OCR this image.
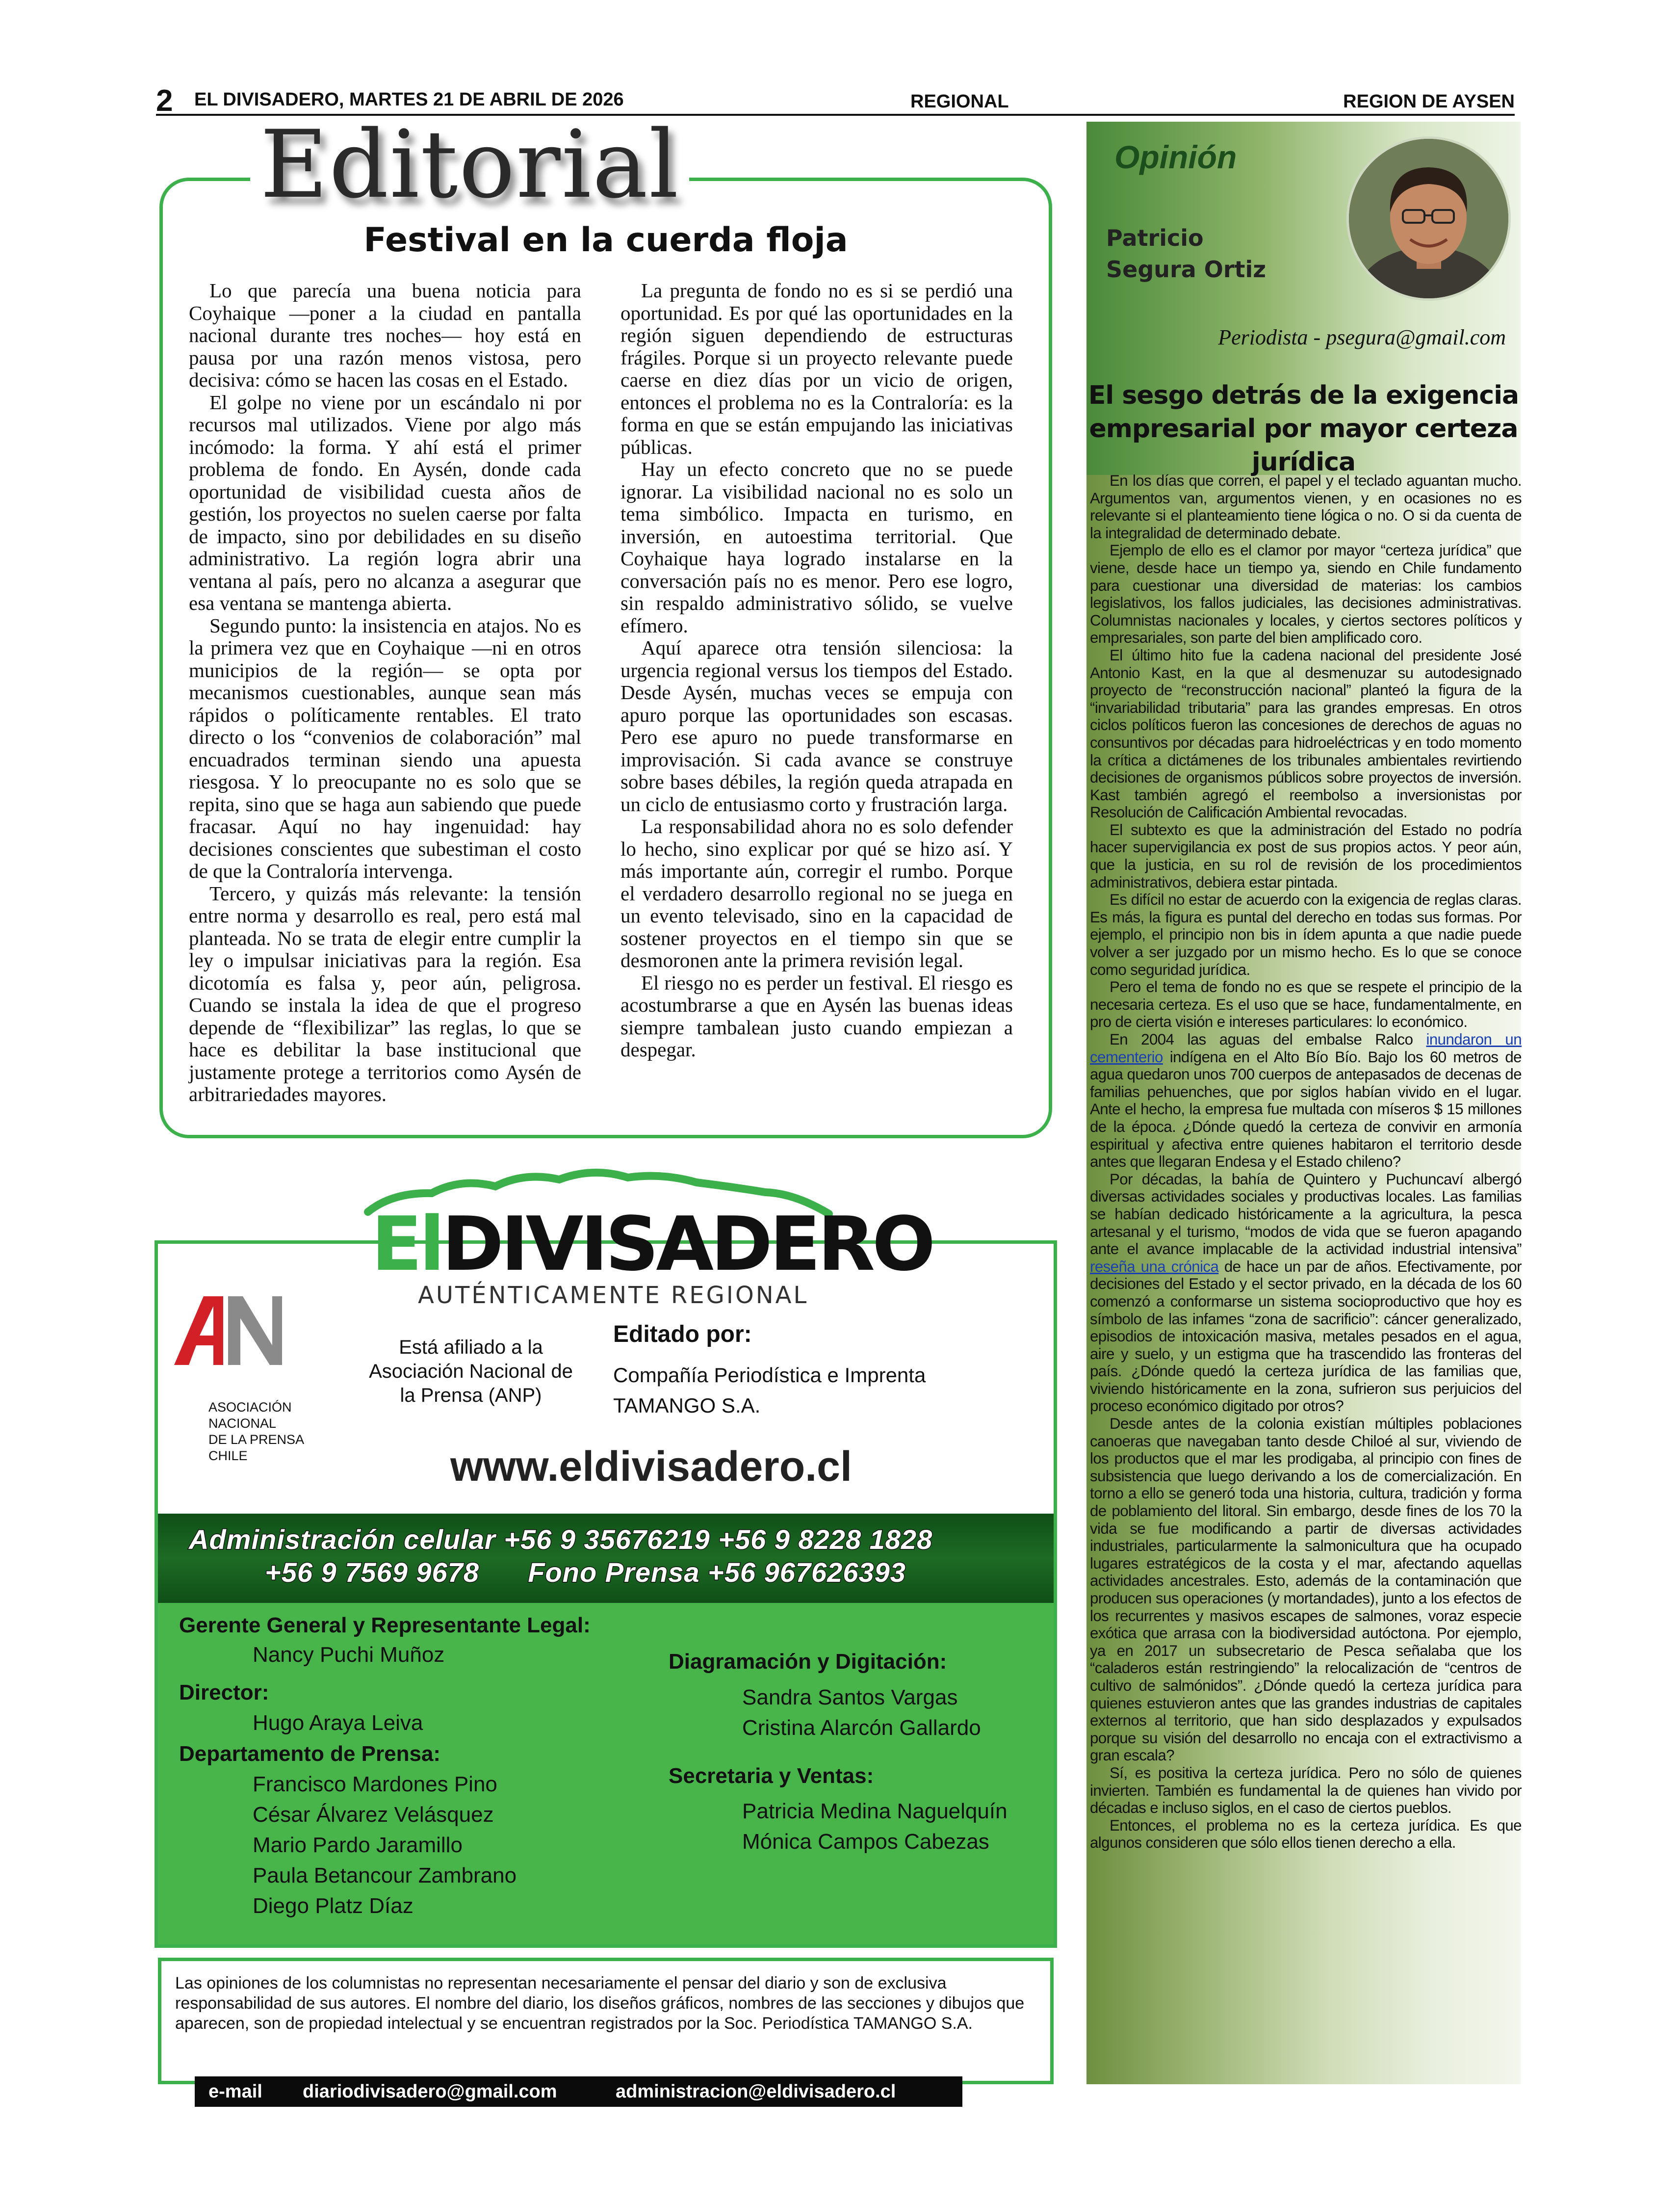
2 EL DIVISADERO, MARTES 21 DE ABRIL DE 2026	REGIONAL	REGION DE AYSEN
Editorial
Festival en la cuerda floja

Lo que parecía una buena noticia para Coyhaique —poner a la ciudad en pantalla nacional durante tres noches— hoy está en pausa por una razón menos vistosa, pero decisiva: cómo se hacen las cosas en el Estado.

El golpe no viene por un escándalo ni por recursos mal utilizados. Viene por algo más incómodo: la forma. Y ahí está el primer problema de fondo. En Aysén, donde cada oportunidad de visibilidad cuesta años de gestión, los proyectos no suelen caerse por falta de impacto, sino por debilidades en su diseño administrativo. La región logra abrir una ventana al país, pero no alcanza a asegurar que esa ventana se mantenga abierta.

Segundo punto: la insistencia en atajos. No es la primera vez que en Coyhaique —ni en otros municipios de la región— se opta por mecanismos cuestionables, aunque sean más rápidos o políticamente rentables. El trato directo o los “convenios de colaboración” mal encuadrados terminan siendo una apuesta riesgosa. Y lo preocupante no es solo que se repita, sino que se haga aun sabiendo que puede fracasar. Aquí no hay ingenuidad: hay decisiones conscientes que subestiman el costo de que la Contraloría intervenga.

Tercero, y quizás más relevante: la tensión entre norma y desarrollo es real, pero está mal planteada. No se trata de elegir entre cumplir la ley o impulsar iniciativas para la región. Esa dicotomía es falsa y, peor aún, peligrosa. Cuando se instala la idea de que el progreso depende de “flexibilizar” las reglas, lo que se hace es debilitar la base institucional que justamente protege a territorios como Aysén de arbitrariedades mayores.

La pregunta de fondo no es si se perdió una oportunidad. Es por qué las oportunidades en la región siguen dependiendo de estructuras frágiles. Porque si un proyecto relevante puede caerse en diez días por un vicio de origen, entonces el problema no es la Contraloría: es la forma en que se están empujando las iniciativas públicas.

Hay un efecto concreto que no se puede ignorar. La visibilidad nacional no es solo un tema simbólico. Impacta en turismo, en inversión, en autoestima territorial. Que Coyhaique haya logrado instalarse en la conversación país no es menor. Pero ese logro, sin respaldo administrativo sólido, se vuelve efímero.

Aquí aparece otra tensión silenciosa: la urgencia regional versus los tiempos del Estado. Desde Aysén, muchas veces se empuja con apuro porque las oportunidades son escasas. Pero ese apuro no puede transformarse en improvisación. Si cada avance se construye sobre bases débiles, la región queda atrapada en un ciclo de entusiasmo corto y frustración larga.

La responsabilidad ahora no es solo defender lo hecho, sino explicar por qué se hizo así. Y más importante aún, corregir el rumbo. Porque el verdadero desarrollo regional no se juega en un evento televisado, sino en la capacidad de sostener proyectos en el tiempo sin que se desmoronen ante la primera revisión legal.

El riesgo no es perder un festival. El riesgo es acostumbrarse a que en Aysén las buenas ideas siempre tambalean justo cuando empiezan a despegar.

Opinión
Patricio
Segura Ortiz
Periodista - psegura@gmail.com
El sesgo detrás de la exigencia empresarial por mayor certeza jurídica

En los días que corren, el papel y el teclado aguantan mucho. Argumentos van, argumentos vienen, y en ocasiones no es relevante si el planteamiento tiene lógica o no. O si da cuenta de la integralidad de determinado debate.

Ejemplo de ello es el clamor por mayor “certeza jurídica” que viene, desde hace un tiempo ya, siendo en Chile fundamento para cuestionar una diversidad de materias: los cambios legislativos, los fallos judiciales, las decisiones administrativas. Columnistas nacionales y locales, y ciertos sectores políticos y empresariales, son parte del bien amplificado coro.

El último hito fue la cadena nacional del presidente José Antonio Kast, en la que al desmenuzar su autodesignado proyecto de “reconstrucción nacional” planteó la figura de la “invariabilidad tributaria” para las grandes empresas. En otros ciclos políticos fueron las concesiones de derechos de aguas no consuntivos por décadas para hidroeléctricas y en todo momento la crítica a dictámenes de los tribunales ambientales revirtiendo decisiones de organismos públicos sobre proyectos de inversión. Kast también agregó el reembolso a inversionistas por Resolución de Calificación Ambiental revocadas.

El subtexto es que la administración del Estado no podría hacer supervigilancia ex post de sus propios actos. Y peor aún, que la justicia, en su rol de revisión de los procedimientos administrativos, debiera estar pintada.

Es difícil no estar de acuerdo con la exigencia de reglas claras. Es más, la figura es puntal del derecho en todas sus formas. Por ejemplo, el principio non bis in ídem apunta a que nadie puede volver a ser juzgado por un mismo hecho. Es lo que se conoce como seguridad jurídica.

Pero el tema de fondo no es que se respete el principio de la necesaria certeza. Es el uso que se hace, fundamentalmente, en pro de cierta visión e intereses particulares: lo económico.

En 2004 las aguas del embalse Ralco inundaron un cementerio indígena en el Alto Bío Bío. Bajo los 60 metros de agua quedaron unos 700 cuerpos de antepasados de decenas de familias pehuenches, que por siglos habían vivido en el lugar. Ante el hecho, la empresa fue multada con míseros $ 15 millones de la época. ¿Dónde quedó la certeza de convivir en armonía espiritual y afectiva entre quienes habitaron el territorio desde antes que llegaran Endesa y el Estado chileno?

Por décadas, la bahía de Quintero y Puchuncaví albergó diversas actividades sociales y productivas locales. Las familias se habían dedicado históricamente a la agricultura, la pesca artesanal y el turismo, “modos de vida que se fueron apagando ante el avance implacable de la actividad industrial intensiva” reseña una crónica de hace un par de años. Efectivamente, por decisiones del Estado y el sector privado, en la década de los 60 comenzó a conformarse un sistema socioproductivo que hoy es símbolo de las infames “zona de sacrificio”: cáncer generalizado, episodios de intoxicación masiva, metales pesados en el agua, aire y suelo, y un estigma que ha trascendido las fronteras del país. ¿Dónde quedó la certeza jurídica de las familias que, viviendo históricamente en la zona, sufrieron sus perjuicios del proceso económico digitado por otros?

Desde antes de la colonia existían múltiples poblaciones canoeras que navegaban tanto desde Chiloé al sur, viviendo de los productos que el mar les prodigaba, al principio con fines de subsistencia que luego derivando a los de comercialización. En torno a ello se generó toda una historia, cultura, tradición y forma de poblamiento del litoral. Sin embargo, desde fines de los 70 la vida se fue modificando a partir de diversas actividades industriales, particularmente la salmonicultura que ha ocupado lugares estratégicos de la costa y el mar, afectando aquellas actividades ancestrales. Esto, además de la contaminación que producen sus operaciones (y mortandades), junto a los efectos de los recurrentes y masivos escapes de salmones, voraz especie exótica que arrasa con la biodiversidad autóctona. Por ejemplo, ya en 2017 un subsecretario de Pesca señalaba que los “caladeros están restringiendo” la relocalización de “centros de cultivo de salmónidos”. ¿Dónde quedó la certeza jurídica para quienes estuvieron antes que las grandes industrias de capitales externos al territorio, que han sido desplazados y expulsados porque su visión del desarrollo no encaja con el extractivismo a gran escala?

Sí, es positiva la certeza jurídica. Pero no sólo de quienes invierten. También es fundamental la de quienes han vivido por décadas e incluso siglos, en el caso de ciertos pueblos.

Entonces, el problema no es la certeza jurídica. Es que algunos consideren que sólo ellos tienen derecho a ella.

ElDIVISADERO
AUTÉNTICAMENTE REGIONAL
ASOCIACIÓN
NACIONAL
DE LA PRENSA
CHILE
Está afiliado a la Asociación Nacional de la Prensa (ANP)
Editado por:
Compañía Periodística e Imprenta
TAMANGO S.A.
www.eldivisadero.cl
Administración celular +56 9 35676219 +56 9 8228 1828
+56 9 7569 9678      Fono Prensa +56 967626393
Gerente General y Representante Legal:
Nancy Puchi Muñoz
Director:
Hugo Araya Leiva
Departamento de Prensa:
Francisco Mardones Pino
César Álvarez Velásquez
Mario Pardo Jaramillo
Paula Betancour Zambrano
Diego Platz Díaz
Diagramación y Digitación:
Sandra Santos Vargas
Cristina Alarcón Gallardo
Secretaria y Ventas:
Patricia Medina Naguelquín
Mónica Campos Cabezas
Las opiniones de los columnistas no representan necesariamente el pensar del diario y son de exclusiva responsabilidad de sus autores. El nombre del diario, los diseños gráficos, nombres de las secciones y dibujos que aparecen, son de propiedad intelectual y se encuentran registrados por la Soc. Periodística TAMANGO S.A.
e-mail diariodivisadero@gmail.com	administracion@eldivisadero.cl
